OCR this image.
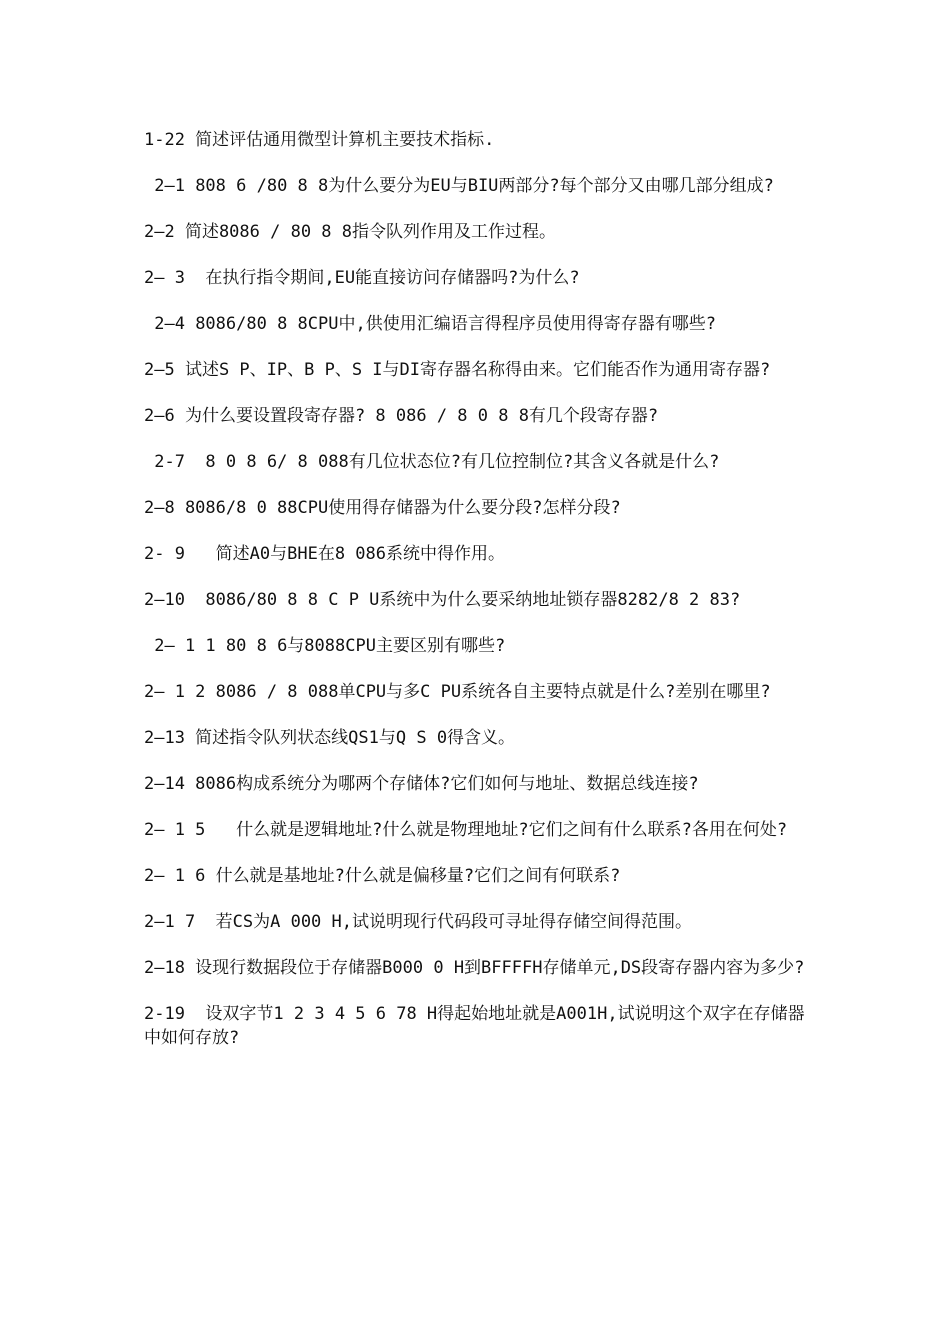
1-22 简述评估通用微型计算机主要技术指标.

2—1 808 6 /80 8 8为什么要分为EU与BIU两部分?每个部分又由哪几部分组成?

2—2 简述8086 / 80 8 8指令队列作用及工作过程。

2— 3  在执行指令期间,EU能直接访问存储器吗?为什么?

2—4 8086/80 8 8CPU中,供使用汇编语言得程序员使用得寄存器有哪些?

2—5 试述S P、IP、B P、S I与DI寄存器名称得由来。它们能否作为通用寄存器?

2—6 为什么要设置段寄存器? 8 086 / 8 0 8 8有几个段寄存器?

2-7  8 0 8 6/ 8 088有几位状态位?有几位控制位?其含义各就是什么?

2—8 8086/8 0 88CPU使用得存储器为什么要分段?怎样分段?

2- 9   简述A0与BHE在8 086系统中得作用。

2—10  8086/80 8 8 C P U系统中为什么要采纳地址锁存器8282/8 2 83?

2— 1 1 80 8 6与8088CPU主要区别有哪些?

2— 1 2 8086 / 8 088单CPU与多C PU系统各自主要特点就是什么?差别在哪里?

2—13 简述指令队列状态线QS1与Q S 0得含义。

2—14 8086构成系统分为哪两个存储体?它们如何与地址、数据总线连接?

2— 1 5   什么就是逻辑地址?什么就是物理地址?它们之间有什么联系?各用在何处?

2— 1 6 什么就是基地址?什么就是偏移量?它们之间有何联系?

2—1 7  若CS为A 000 H,试说明现行代码段可寻址得存储空间得范围。

2—18 设现行数据段位于存储器B000 0 H到BFFFFH存储单元,DS段寄存器内容为多少?

2-19  设双字节1 2 3 4 5 6 78 H得起始地址就是A001H,试说明这个双字在存储器中如何存放?
